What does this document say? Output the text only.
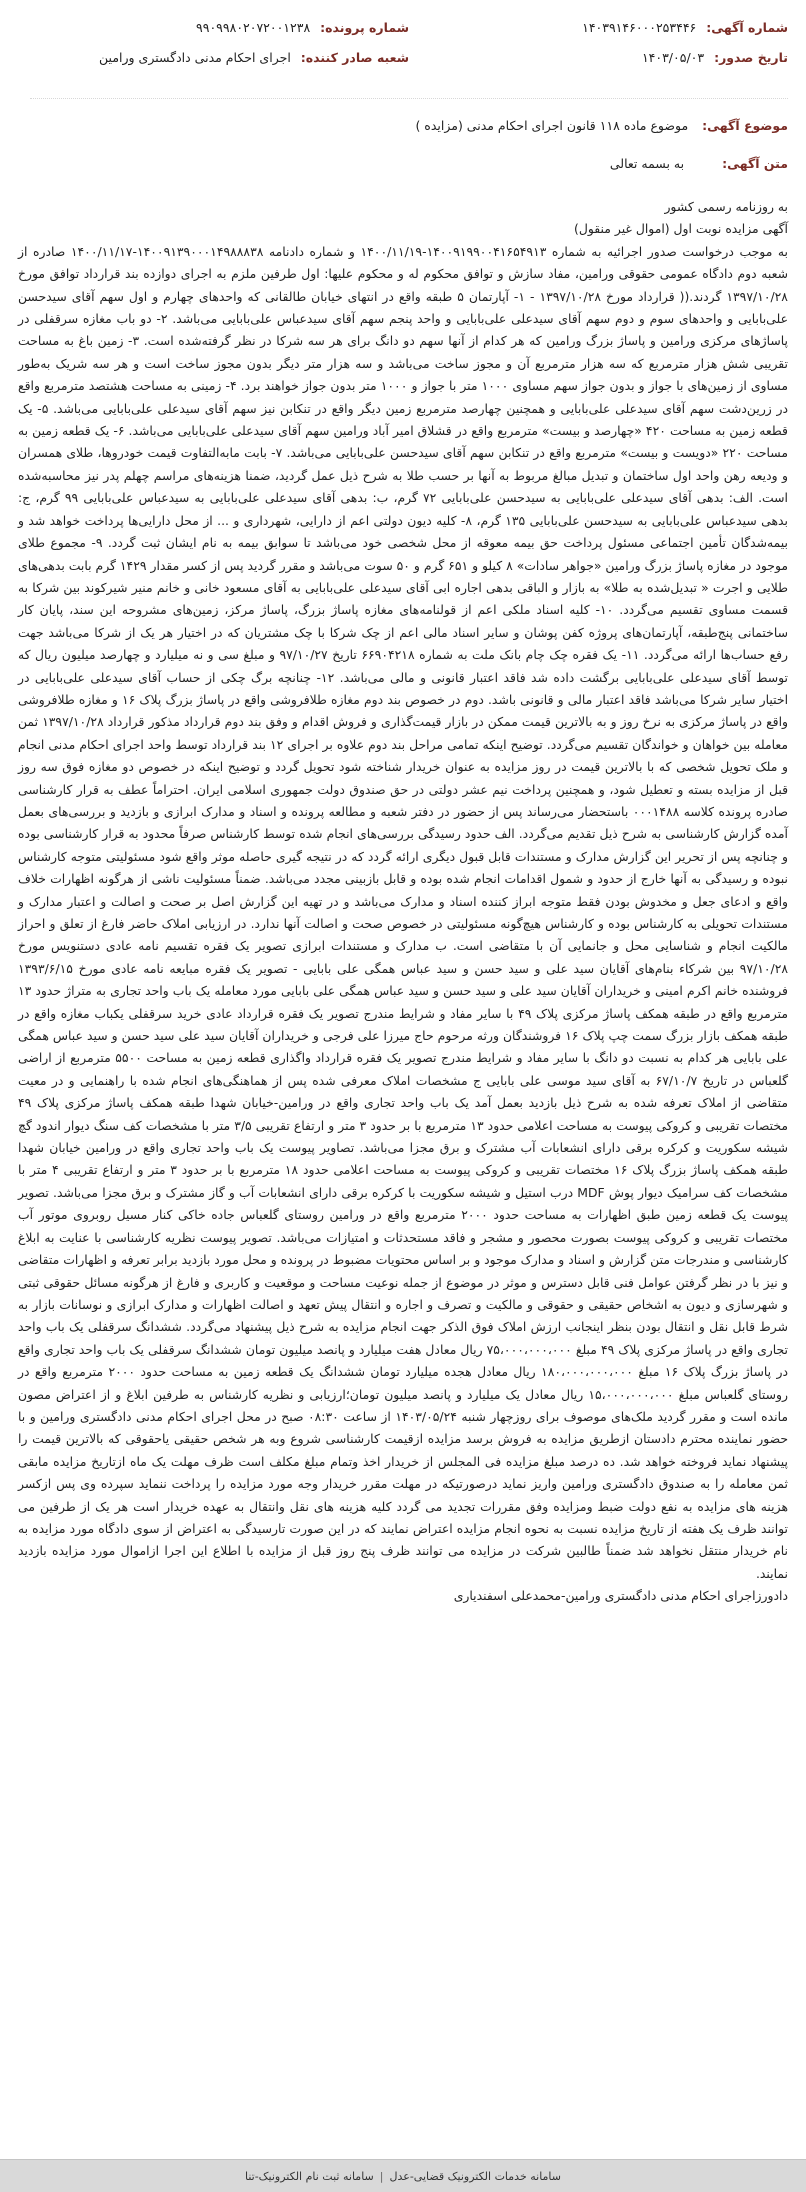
شماره آگهی:
۱۴۰۳۹۱۴۶۰۰۰۲۵۳۴۴۶
شماره پرونده:
۹۹۰۹۹۸۰۲۰۷۲۰۰۱۲۳۸
تاریخ صدور:
۱۴۰۳/۰۵/۰۳
شعبه صادر کننده:
اجرای احکام مدنی دادگستری ورامین
موضوع آگهی:
موضوع ماده ۱۱۸ قانون اجرای احکام مدنی (مزایده )
متن آگهی:
به بسمه تعالی

به روزنامه رسمی کشور

آگهی مزایده نوبت اول (اموال غیر منقول)

به موجب درخواست صدور اجرائیه به شماره ۱۴۰۰۹۱۹۹۰۰۴۱۶۵۴۹۱۳-۱۴۰۰/۱۱/۱۹ و شماره دادنامه ۱۴۰۰۹۱۳۹۰۰۰۱۴۹۸۸۸۳۸-۱۴۰۰/۱۱/۱۷ صادره از شعبه دوم دادگاه عمومی حقوقی ورامین، مفاد سازش و توافق محکوم له و محکوم علیها: اول طرفین ملزم به اجرای دوازده بند قرارداد توافق مورخ ۱۳۹۷/۱۰/۲۸ گردند.(( قرارداد مورخ ۱۳۹۷/۱۰/۲۸ - ۱- آپارتمان ۵ طبقه واقع در انتهای خیابان طالقانی که واحدهای چهارم و اول سهم آقای سیدحسن علی‌بابایی و واحدهای سوم و دوم سهم آقای سیدعلی علی‌بابایی و واحد پنجم سهم آقای سیدعباس علی‌بابایی می‌باشد. ۲- دو باب مغازه سرقفلی در پاساژهای مرکزی ورامین و پاساژ بزرگ ورامین که هر کدام از آنها سهم دو دانگ برای هر سه شرکا در نظر گرفته‌شده است. ۳- زمین باغ به مساحت تقریبی شش هزار مترمربع که سه هزار مترمربع آن و مجوز ساخت می‌باشد و سه هزار متر دیگر بدون مجوز ساخت است و هر سه شریک به‌طور مساوی از زمین‌های با جواز و بدون جواز سهم مساوی ۱۰۰۰ متر با جواز و ۱۰۰۰ متر بدون جواز خواهند برد. ۴- زمینی به مساحت هشتصد مترمربع واقع در زرین‌دشت سهم آقای سیدعلی علی‌بابایی و همچنین چهارصد مترمربع زمین دیگر واقع در تنکابن نیز سهم آقای سیدعلی علی‌بابایی می‌باشد. ۵- یک قطعه زمین به مساحت ۴۲۰ «چهارصد و بیست» مترمربع واقع در قشلاق امیر آباد ورامین سهم آقای سیدعلی علی‌بابایی می‌باشد. ۶- یک قطعه زمین به مساحت ۲۲۰ «دویست و بیست» مترمربع واقع در تنکابن سهم آقای سیدحسن علی‌بابایی می‌باشد. ۷- بابت مابه‌التفاوت قیمت خودروها، طلای همسران و ودیعه رهن واحد اول ساختمان و تبدیل مبالغ مربوط به آنها بر حسب طلا به شرح ذیل عمل گردید، ضمنا هزینه‌های مراسم چهلم پدر نیز محاسبه‌شده است. الف: بدهی آقای سیدعلی علی‌بابایی به سیدحسن علی‌بابایی ۷۲ گرم، ب: بدهی آقای سیدعلی علی‌بابایی به سیدعباس علی‌بابایی ۹۹ گرم، ج: بدهی سیدعباس علی‌بابایی به سیدحسن علی‌بابایی ۱۳۵ گرم، ۸- کلیه دیون دولتی اعم از دارایی، شهرداری و ... از محل دارایی‌ها پرداخت خواهد شد و بیمه‌شدگان تأمین اجتماعی مسئول پرداخت حق بیمه معوقه از محل شخصی خود می‌باشد تا سوابق بیمه به نام ایشان ثبت گردد. ۹- مجموع طلای موجود در مغازه پاساژ بزرگ ورامین «جواهر سادات» ۸ کیلو و ۶۵۱ گرم و ۵۰ سوت می‌باشد و مقرر گردید پس از کسر مقدار ۱۴۲۹ گرم بابت بدهی‌های طلایی و اجرت « تبدیل‌شده به طلا» به بازار و الباقی بدهی اجاره ابی آقای سیدعلی علی‌بابایی به آقای مسعود خانی و خانم منیر شیرکوند بین شرکا به قسمت مساوی تقسیم می‌گردد. ۱۰- کلیه اسناد ملکی اعم از قولنامه‌های مغازه پاساژ بزرگ، پاساژ مرکز، زمین‌های مشروحه این سند، پایان کار ساختمانی پنج‌طبقه، آپارتمان‌های پروژه کفن پوشان و سایر اسناد مالی اعم از چک شرکا با چک مشتریان که در اختیار هر یک از شرکا می‌باشد جهت رفع حساب‌ها ارائه می‌گردد. ۱۱- یک فقره چک چام بانک ملت به شماره ۶۶۹۰۴۲۱۸ تاریخ ۹۷/۱۰/۲۷ و مبلغ سی و نه میلیارد و چهارصد میلیون ریال که توسط آقای سیدعلی علی‌بابایی برگشت داده شد فاقد اعتبار قانونی و مالی می‌باشد. ۱۲- چنانچه برگ چکی از حساب آقای سیدعلی علی‌بابایی در اختیار سایر شرکا می‌باشد فاقد اعتبار مالی و قانونی باشد. دوم در خصوص بند دوم مغازه طلافروشی واقع در پاساژ بزرگ پلاک ۱۶ و مغازه طلافروشی واقع در پاساژ مرکزی به نرخ روز و به بالاترین قیمت ممکن در بازار قیمت‌گذاری و فروش اقدام و وفق بند دوم قرارداد مذکور قرارداد ۱۳۹۷/۱۰/۲۸ ثمن معامله بین خواهان و خواندگان تقسیم می‌گردد. توضیح اینکه تمامی مراحل بند دوم علاوه بر اجرای ۱۲ بند قرارداد توسط واحد اجرای احکام مدنی انجام و ملک تحویل شخصی که با بالاترین قیمت در روز مزایده به عنوان خریدار شناخته شود تحویل گردد و توضیح اینکه در خصوص دو مغازه فوق سه روز قبل از مزایده بسته و تعطیل شود، و همچنین پرداخت نیم عشر دولتی در حق صندوق دولت جمهوری اسلامی ایران. احتراماً عطف به قرار کارشناسی صادره پرونده کلاسه ۰۰۰۱۴۸۸ باستحضار می‌رساند پس از حضور در دفتر شعبه و مطالعه پرونده و اسناد و مدارک ابرازی و بازدید و بررسی‌های بعمل آمده گزارش کارشناسی به شرح ذیل تقدیم می‌گردد. الف حدود رسیدگی بررسی‌های انجام شده توسط کارشناس صرفاً محدود به قرار کارشناسی بوده و چنانچه پس از تحریر این گزارش مدارک و مستندات قابل قبول دیگری ارائه گردد که در نتیجه گیری حاصله موثر واقع شود مسئولیتی متوجه کارشناس نبوده و رسیدگی به آنها خارج از حدود و شمول اقدامات انجام شده بوده و قابل بازبینی مجدد می‌باشد. ضمناً مسئولیت ناشی از هرگونه اظهارات خلاف واقع و ادعای جعل و مخدوش بودن فقط متوجه ابراز کننده اسناد و مدارک می‌باشد و در تهیه این گزارش اصل بر صحت و اصالت و اعتبار مدارک و مستندات تحویلی به کارشناس بوده و کارشناس هیچ‌گونه مسئولیتی در خصوص صحت و اصالت آنها ندارد. در ارزیابی املاک حاضر فارغ از تعلق و احراز مالکیت انجام و شناسایی محل و جانمایی آن با متقاضی است. ب مدارک و مستندات ابرازی تصویر یک فقره تقسیم نامه عادی دستنویس مورخ ۹۷/۱۰/۲۸ بین شرکاء بنام‌های آقایان سید علی و سید حسن و سید عباس همگی علی بابایی - تصویر یک فقره مبایعه نامه عادی مورخ ۱۳۹۳/۶/۱۵ فروشنده خانم اکرم امینی و خریداران آقایان سید علی و سید حسن و سید عباس همگی علی بابایی مورد معامله یک باب واحد تجاری به متراژ حدود ۱۳ مترمربع واقع در طبقه همکف پاساژ مرکزی پلاک ۴۹ با سایر مفاد و شرایط مندرج تصویر یک فقره قرارداد عادی خرید سرقفلی یکباب مغازه واقع در طبقه همکف بازار بزرگ سمت چپ پلاک ۱۶ فروشندگان ورثه مرحوم حاج میرزا علی فرجی و خریداران آقایان سید علی سید حسن و سید عباس همگی علی بابایی هر کدام به نسبت دو دانگ با سایر مفاد و شرایط مندرج تصویر یک فقره قرارداد واگذاری قطعه زمین به مساحت ۵۵۰۰ مترمربع از اراضی گلعباس در تاریخ ۶۷/۱۰/۷ به آقای سید موسی علی بابایی ج مشخصات املاک معرفی شده پس از هماهنگی‌های انجام شده با راهنمایی و در معیت متقاضی از املاک تعرفه شده به شرح ذیل بازدید بعمل آمد یک باب واحد تجاری واقع در ورامین-خیابان شهدا طبقه همکف پاساژ مرکزی پلاک ۴۹ مختصات تقریبی و کروکی پیوست به مساحت اعلامی حدود ۱۳ مترمربع با بر حدود ۳ متر و ارتفاع تقریبی ۳/۵ متر با مشخصات کف سنگ دیوار اندود گچ شیشه سکوریت و کرکره برقی دارای انشعابات آب مشترک و برق مجزا می‌باشد. تصاویر پیوست یک باب واحد تجاری واقع در ورامین خیابان شهدا طبقه همکف پاساژ بزرگ پلاک ۱۶ مختصات تقریبی و کروکی پیوست به مساحت اعلامی حدود ۱۸ مترمربع با بر حدود ۳ متر و ارتفاع تقریبی ۴ متر با مشخصات کف سرامیک دیوار پوش MDF درب استیل و شیشه سکوریت با کرکره برقی دارای انشعابات آب و گاز مشترک و برق مجزا می‌باشد. تصویر پیوست یک قطعه زمین طبق اظهارات به مساحت حدود ۲۰۰۰ مترمربع واقع در ورامین روستای گلعباس جاده خاکی کنار مسیل روبروی موتور آب مختصات تقریبی و کروکی پیوست بصورت محصور و مشجر و فاقد مستحدثات و امتیازات می‌باشد. تصویر پیوست نظریه کارشناسی با عنایت به ابلاغ کارشناسی و مندرجات متن گزارش و اسناد و مدارک موجود و بر اساس محتویات مضبوط در پرونده و محل مورد بازدید برابر تعرفه و اظهارات متقاضی و نیز با در نظر گرفتن عوامل فنی قابل دسترس و موثر در موضوع از جمله نوعیت مساحت و موقعیت و کاربری و فارغ از هرگونه مسائل حقوقی ثبتی و شهرسازی و دیون به اشخاص حقیقی و حقوقی و مالکیت و تصرف و اجاره و انتقال پیش تعهد و اصالت اظهارات و مدارک ابرازی و نوسانات بازار به شرط قابل نقل و انتقال بودن بنظر اینجانب ارزش املاک فوق الذکر جهت انجام مزایده به شرح ذیل پیشنهاد می‌گردد. ششدانگ سرقفلی یک باب واحد تجاری واقع در پاساژ مرکزی پلاک ۴۹ مبلغ ۷۵،۰۰۰،۰۰۰،۰۰۰ ریال معادل هفت میلیارد و پانصد میلیون تومان ششدانگ سرقفلی یک باب واحد تجاری واقع در پاساژ بزرگ پلاک ۱۶ مبلغ ۱۸۰،۰۰۰،۰۰۰،۰۰۰ ریال معادل هجده میلیارد تومان ششدانگ یک قطعه زمین به مساحت حدود ۲۰۰۰ مترمربع واقع در روستای گلعباس مبلغ ۱۵،۰۰۰،۰۰۰،۰۰۰ ریال معادل یک میلیارد و پانصد میلیون تومان؛ارزیابی و نظریه کارشناس به طرفین ابلاغ و از اعتراض مصون مانده است و مقرر گردید ملک‌های موصوف برای روزچهار شنبه ۱۴۰۳/۰۵/۲۴ از ساعت ۰۸:۳۰ صبح در محل اجرای احکام مدنی دادگستری ورامین و با حضور نماینده محترم دادستان ازطریق مزایده به فروش برسد مزایده ازقیمت کارشناسی شروع وبه هر شخص حقیقی یاحقوقی که بالاترین قیمت را پیشنهاد نماید فروخته خواهد شد. ده درصد مبلغ مزایده فی المجلس از خریدار اخذ وتمام مبلغ مکلف است ظرف مهلت یک ماه ازتاریخ مزایده مابقی ثمن معامله را به صندوق دادگستری ورامین واریز نماید درصورتیکه در مهلت مقرر خریدار وجه مورد مزایده را پرداخت ننماید سپرده وی پس ازکسر هزینه های مزایده به نفع دولت ضبط ومزایده وفق مقررات تجدید می گردد کلیه هزینه های نقل وانتقال به عهده خریدار است هر یک از طرفین می توانند ظرف یک هفته از تاریخ مزایده نسبت به نحوه انجام مزایده اعتراض نمایند که در این صورت تارسیدگی به اعتراض از سوی دادگاه مورد مزایده به نام خریدار منتقل نخواهد شد ضمناً طالبین شرکت در مزایده می توانند ظرف پنج روز قبل از مزایده با اطلاع این اجرا ازاموال مورد مزایده بازدید نمایند.

دادورزاجرای احکام مدنی دادگستری ورامین-محمدعلی اسفندیاری

سامانه خدمات الکترونیک قضایی-عدل
|
سامانه ثبت نام الکترونیک‌-تنا
